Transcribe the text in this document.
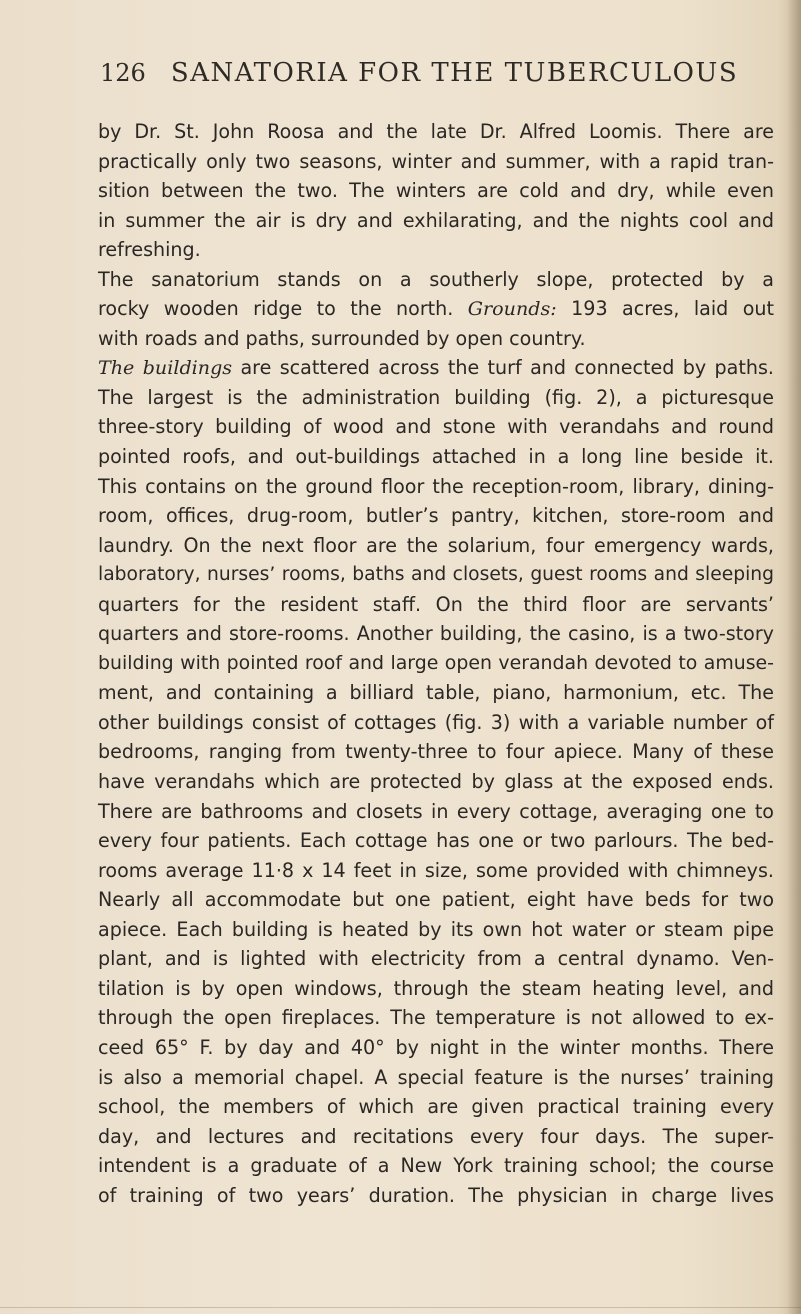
126 SANATORIA FOR THE TUBERCULOUS
by Dr. St. John Roosa and the late Dr. Alfred Loomis. There are
practically only two seasons, winter and summer, with a rapid tran-
sition between the two. The winters are cold and dry, while even
in summer the air is dry and exhilarating, and the nights cool and
refreshing.
The sanatorium stands on a southerly slope, protected by a
rocky wooden ridge to the north. Grounds: 193 acres, laid out
with roads and paths, surrounded by open country.
The buildings are scattered across the turf and connected by paths.
The largest is the administration building (fig. 2), a picturesque
three-story building of wood and stone with verandahs and round
pointed roofs, and out-buildings attached in a long line beside it.
This contains on the ground floor the reception-room, library, dining-
room, offices, drug-room, butler’s pantry, kitchen, store-room and
laundry. On the next floor are the solarium, four emergency wards,
laboratory, nurses’ rooms, baths and closets, guest rooms and sleeping
quarters for the resident staff. On the third floor are servants’
quarters and store-rooms. Another building, the casino, is a two-story
building with pointed roof and large open verandah devoted to amuse-
ment, and containing a billiard table, piano, harmonium, etc. The
other buildings consist of cottages (fig. 3) with a variable number of
bedrooms, ranging from twenty-three to four apiece. Many of these
have verandahs which are protected by glass at the exposed ends.
There are bathrooms and closets in every cottage, averaging one to
every four patients. Each cottage has one or two parlours. The bed-
rooms average 11·8 x 14 feet in size, some provided with chimneys.
Nearly all accommodate but one patient, eight have beds for two
apiece. Each building is heated by its own hot water or steam pipe
plant, and is lighted with electricity from a central dynamo. Ven-
tilation is by open windows, through the steam heating level, and
through the open fireplaces. The temperature is not allowed to ex-
ceed 65° F. by day and 40° by night in the winter months. There
is also a memorial chapel. A special feature is the nurses’ training
school, the members of which are given practical training every
day, and lectures and recitations every four days. The super-
intendent is a graduate of a New York training school; the course
of training of two years’ duration. The physician in charge lives
